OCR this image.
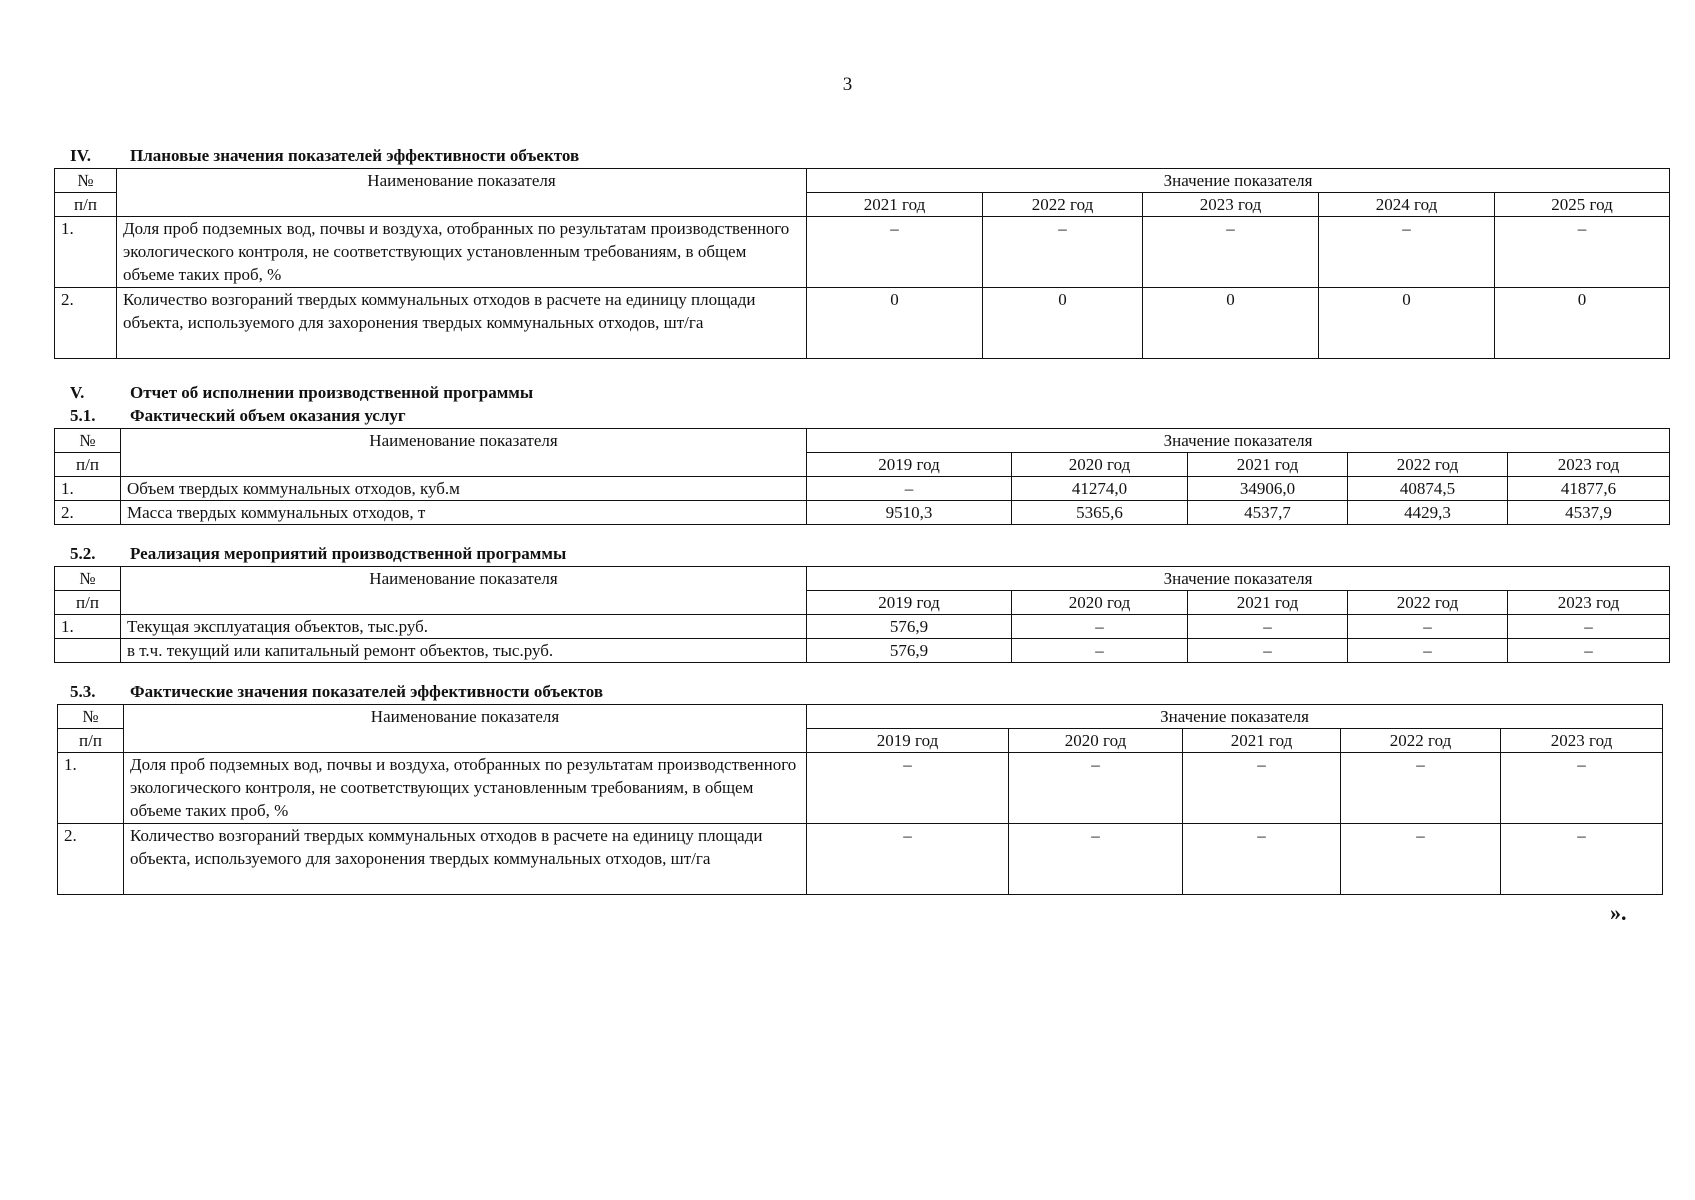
3
IV. Плановые значения показателей эффективности объектов
№	Наименование показателя	Значение показателя				
п/п		2021 год	2022 год	2023 год	2024 год	2025 год
1.	Доля проб подземных вод, почвы и воздуха, отобранных по результатам производственного экологического контроля, не соответствующих установленным требованиям, в общем объеме таких проб, %	–	–	–	–	–
2.	Количество возгораний твердых коммунальных отходов в расчете на единицу площади объекта, используемого для захоронения твердых коммунальных отходов, шт/га	0	0	0	0	0
V.	Отчет об исполнении производственной программы
5.1. Фактический объем оказания услуг
№	Наименование показателя	Значение показателя				
п/п		2019 год	2020 год	2021 год	2022 год	2023 год
1.	Объем твердых коммунальных отходов, куб.м	–	41274,0	34906,0	40874,5	41877,6
2.	Масса твердых коммунальных отходов, т	9510,3	5365,6	4537,7	4429,3	4537,9
5.2. Реализация мероприятий производственной программы
№	Наименование показателя	Значение показателя				
п/п		2019 год	2020 год	2021 год	2022 год	2023 год
1.	Текущая эксплуатация объектов, тыс.руб.	576,9	–	–	–	–
	в т.ч. текущий или капитальный ремонт объектов, тыс.руб.	576,9	–	–	–	–
5.3. Фактические значения показателей эффективности объектов
№	Наименование показателя	Значение показателя				
п/п		2019 год	2020 год	2021 год	2022 год	2023 год
1.	Доля проб подземных вод, почвы и воздуха, отобранных по результатам производственного экологического контроля, не соответствующих установленным требованиям, в общем объеме таких проб, %	–	–	–	–	–
2.	Количество возгораний твердых коммунальных отходов в расчете на единицу площади объекта, используемого для захоронения твердых коммунальных отходов, шт/га	–	–	–	–	–
».
